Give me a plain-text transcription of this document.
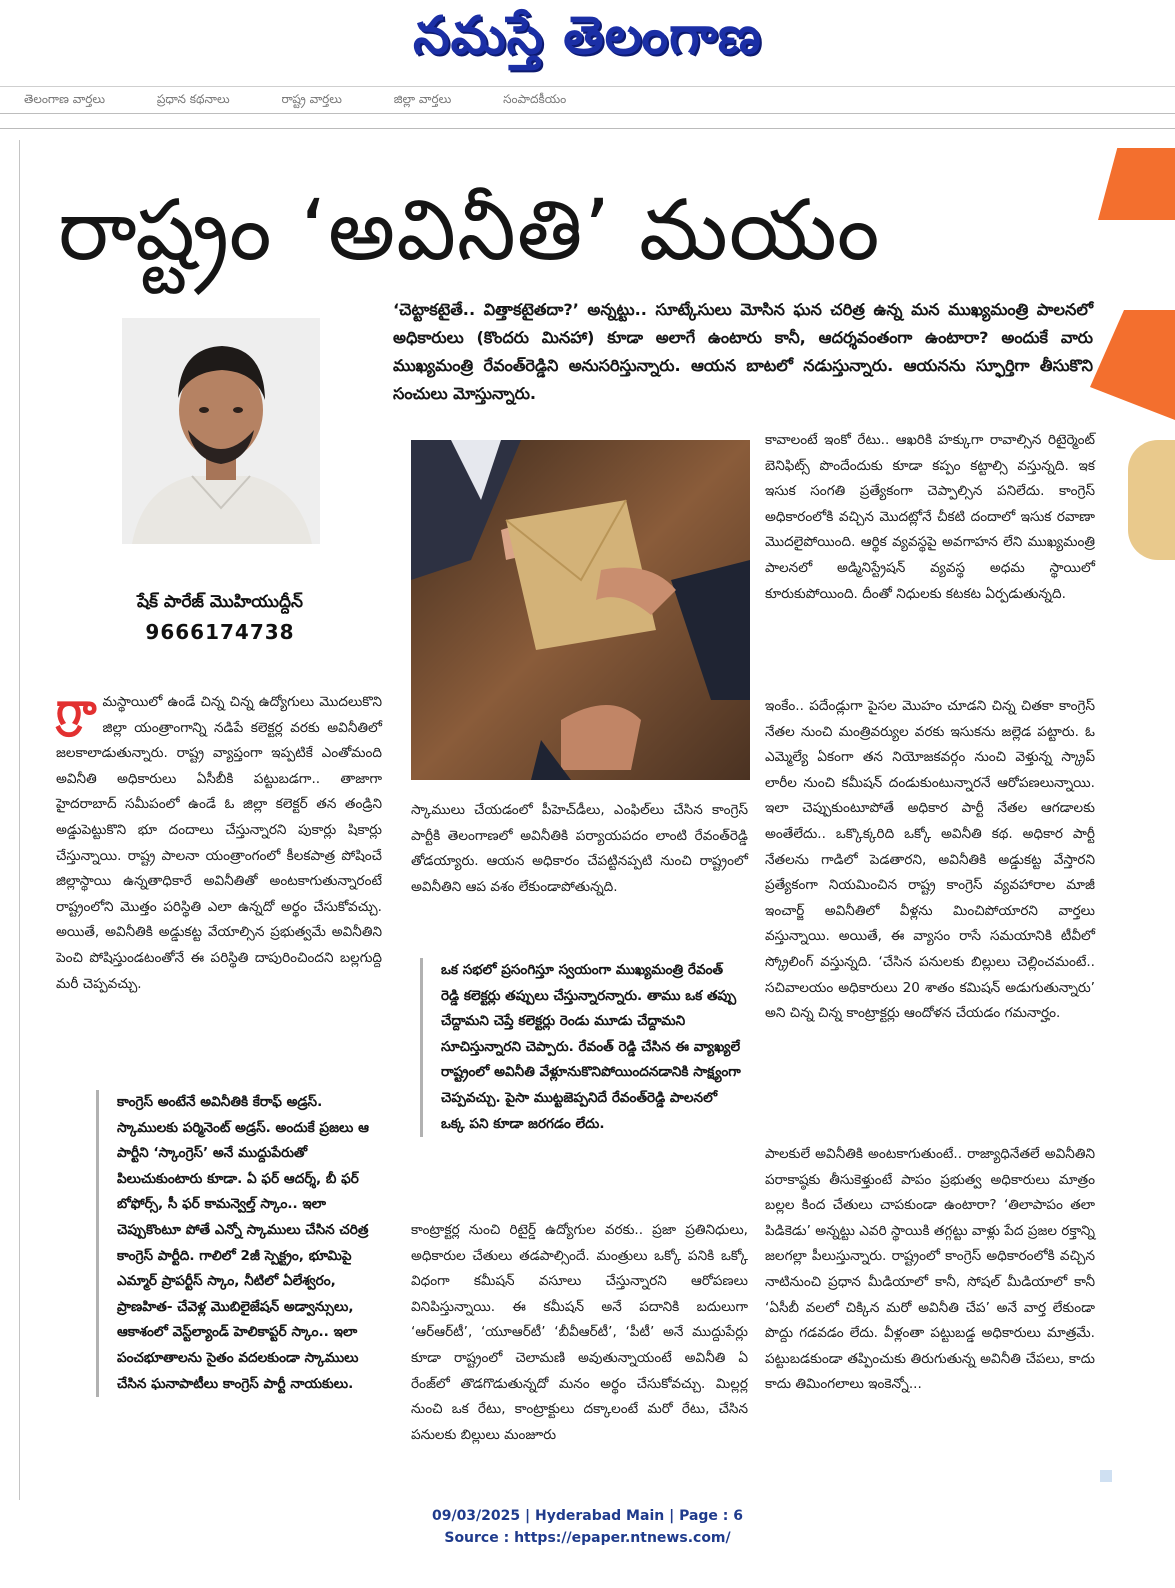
నమస్తే తెలంగాణ
తెలంగాణ వార్తలు	ప్రధాన కథనాలు	రాష్ట్ర వార్తలు	జిల్లా వార్తలు	సంపాదకీయం
రాష్ట్రం ‘అవినీతి’ మయం
‘చెట్టాకటైతే.. విత్తాకటైతదా?’ అన్నట్టు.. సూట్కేసులు మోసిన ఘన చరిత్ర ఉన్న మన ముఖ్యమంత్రి పాలనలో అధికారులు (కొందరు మినహా) కూడా అలాగే ఉంటారు కానీ, ఆదర్శవంతంగా ఉంటారా? అందుకే వారు ముఖ్యమంత్రి రేవంత్‌రెడ్డిని అనుసరిస్తున్నారు. ఆయన బాటలో నడుస్తున్నారు. ఆయనను స్ఫూర్తిగా తీసుకొని సంచులు మోస్తున్నారు.
షేక్ పారేజ్ మొహియుద్దీన్
9666174738
గ్రా మస్థాయిలో ఉండే చిన్న చిన్న ఉద్యోగులు మొదలుకొని జిల్లా యంత్రాంగాన్ని నడిపే కలెక్టర్ల వరకు అవినీతిలో జలకాలాడుతున్నారు. రాష్ట్ర వ్యాప్తంగా ఇప్పటికే ఎంతోమంది అవినీతి అధికారులు ఏసీబీకి పట్టుబడగా.. తాజాగా హైదరాబాద్ సమీపంలో ఉండే ఓ జిల్లా కలెక్టర్ తన తండ్రిని అడ్డుపెట్టుకొని భూ దందాలు చేస్తున్నారని పుకార్లు షికార్లు చేస్తున్నాయి. రాష్ట్ర పాలనా యంత్రాంగంలో కీలకపాత్ర పోషించే జిల్లాస్థాయి ఉన్నతాధికారే అవినీతితో అంటకాగుతున్నారంటే రాష్ట్రంలోని మొత్తం పరిస్థితి ఎలా ఉన్నదో అర్థం చేసుకోవచ్చు. అయితే, అవినీతికి అడ్డుకట్ట వేయాల్సిన ప్రభుత్వమే అవినీతిని పెంచి పోషిస్తుండటంతోనే ఈ పరిస్థితి దాపురించిందని బల్లగుద్ది మరీ చెప్పవచ్చు.
కాంగ్రెస్ అంటేనే అవినీతికి కేరాఫ్ అడ్రస్. స్కాములకు పర్మినెంట్ అడ్రస్. అందుకే ప్రజలు ఆ పార్టీని ‘స్కాంగ్రెస్’ అనే ముద్దుపేరుతో పిలుచుకుంటారు కూడా. ఏ ఫర్ ఆదర్శ్, బీ ఫర్ బోఫోర్స్, సీ ఫర్ కామన్వెల్త్ స్కాం.. ఇలా చెప్పుకొంటూ పోతే ఎన్నో స్కాములు చేసిన చరిత్ర కాంగ్రెస్ పార్టీది. గాలిలో 2జీ స్పెక్ట్రం, భూమిపై ఎమ్మార్ ప్రాపర్టీస్ స్కాం, నీటిలో ఏలేశ్వరం, ప్రాణహిత- చేవెళ్ల మొబిలైజేషన్ అడ్వాన్సులు, ఆకాశంలో వెస్ట్‌ల్యాండ్ హెలికాప్టర్ స్కాం.. ఇలా పంచభూతాలను సైతం వదలకుండా స్కాములు చేసిన ఘనాపాటీలు కాంగ్రెస్ పార్టీ నాయకులు.
స్కాములు చేయడంలో పీహెచ్‌డీలు, ఎంఫిల్‌లు చేసిన కాంగ్రెస్ పార్టీకి తెలంగాణలో అవినీతికి పర్యాయపదం లాంటి రేవంత్‌రెడ్డి తోడయ్యారు. ఆయన అధికారం చేపట్టినప్పటి నుంచి రాష్ట్రంలో అవినీతిని ఆప వశం లేకుండాపోతున్నది.
ఒక సభలో ప్రసంగిస్తూ స్వయంగా ముఖ్యమంత్రి రేవంత్ రెడ్డి కలెక్టర్లు తప్పులు చేస్తున్నారన్నారు. తాము ఒక తప్పు చేద్దామని చెప్తే కలెక్టర్లు రెండు మూడు చేద్దామని సూచిస్తున్నారని చెప్పారు. రేవంత్ రెడ్డి చేసిన ఈ వ్యాఖ్యలే రాష్ట్రంలో అవినీతి వేళ్లూనుకొనిపోయిందనడానికి సాక్ష్యంగా చెప్పవచ్చు. పైసా ముట్టజెప్పనిదే రేవంత్‌రెడ్డి పాలనలో ఒక్క పని కూడా జరగడం లేదు.
కాంట్రాక్టర్ల నుంచి రిటైర్డ్ ఉద్యోగుల వరకు.. ప్రజా ప్రతినిధులు, అధికారుల చేతులు తడపాల్సిందే. మంత్రులు ఒక్కో పనికి ఒక్కో విధంగా కమీషన్ వసూలు చేస్తున్నారని ఆరోపణలు వినిపిస్తున్నాయి. ఈ కమీషన్ అనే పదానికి బదులుగా ‘ఆర్‌ఆర్‌టీ’, ‘యూఆర్‌టీ’ ‘బీవీఆర్‌టీ’, ‘పీటీ’ అనే ముద్దుపేర్లు కూడా రాష్ట్రంలో చెలామణి అవుతున్నాయంటే అవినీతి ఏ రేంజ్‌లో తొడగొడుతున్నదో మనం అర్థం చేసుకోవచ్చు. మిల్లర్ల నుంచి ఒక రేటు, కాంట్రాక్టులు దక్కాలంటే మరో రేటు, చేసిన పనులకు బిల్లులు మంజూరు
కావాలంటే ఇంకో రేటు.. ఆఖరికి హక్కుగా రావాల్సిన రిటైర్మెంట్ బెనిఫిట్స్ పొందేందుకు కూడా కప్పం కట్టాల్సి వస్తున్నది. ఇక ఇసుక సంగతి ప్రత్యేకంగా చెప్పాల్సిన పనిలేదు. కాంగ్రెస్ అధికారంలోకి వచ్చిన మొదట్లోనే చీకటి దందాలో ఇసుక రవాణా మొదలైపోయింది. ఆర్థిక వ్యవస్థపై అవగాహన లేని ముఖ్యమంత్రి పాలనలో అడ్మినిస్ట్రేషన్ వ్యవస్థ అధమ స్థాయిలో కూరుకుపోయింది. దీంతో నిధులకు కటకట ఏర్పడుతున్నది.
ఇంకేం.. పదేండ్లుగా పైసల మొహం చూడని చిన్న చితకా కాంగ్రెస్ నేతల నుంచి మంత్రివర్యుల వరకు ఇసుకను జల్లెడ పట్టారు. ఓ ఎమ్మెల్యే ఏకంగా తన నియోజకవర్గం నుంచి వెళ్తున్న స్క్రాప్ లారీల నుంచి కమీషన్ దండుకుంటున్నారనే ఆరోపణలున్నాయి. ఇలా చెప్పుకుంటూపోతే అధికార పార్టీ నేతల ఆగడాలకు అంతేలేదు.. ఒక్కొక్కరిది ఒక్కో అవినీతి కథ. అధికార పార్టీ నేతలను గాడిలో పెడతారని, అవినీతికి అడ్డుకట్ట వేస్తారని ప్రత్యేకంగా నియమించిన రాష్ట్ర కాంగ్రెస్ వ్యవహారాల మాజీ ఇంచార్జ్ అవినీతిలో వీళ్లను మించిపోయారని వార్తలు వస్తున్నాయి. అయితే, ఈ వ్యాసం రాసే సమయానికి టీవీలో స్క్రోలింగ్ వస్తున్నది. ‘చేసిన పనులకు బిల్లులు చెల్లించమంటే.. సచివాలయం అధికారులు 20 శాతం కమిషన్ అడుగుతున్నారు’ అని చిన్న చిన్న కాంట్రాక్టర్లు ఆందోళన చేయడం గమనార్హం.
పాలకులే అవినీతికి అంటకాగుతుంటే.. రాజ్యాధినేతలే అవినీతిని పరాకాష్ఠకు తీసుకెళ్తుంటే పాపం ప్రభుత్వ అధికారులు మాత్రం బల్లల కింద చేతులు చాపకుండా ఉంటారా? ‘తిలాపాపం తలా పిడికెడు’ అన్నట్టు ఎవరి స్థాయికి తగ్గట్టు వాళ్లు పేద ప్రజల రక్తాన్ని జలగల్లా పీలుస్తున్నారు. రాష్ట్రంలో కాంగ్రెస్ అధికారంలోకి వచ్చిన నాటినుంచి ప్రధాన మీడియాలో కానీ, సోషల్ మీడియాలో కానీ ‘ఏసీబీ వలలో చిక్కిన మరో అవినీతి చేప’ అనే వార్త లేకుండా పొద్దు గడవడం లేదు. వీళ్లంతా పట్టుబడ్డ అధికారులు మాత్రమే. పట్టుబడకుండా తప్పించుకు తిరుగుతున్న అవినీతి చేపలు, కాదు కాదు తిమింగలాలు ఇంకెన్నో...
09/03/2025 | Hyderabad Main | Page : 6
Source : https://epaper.ntnews.com/
